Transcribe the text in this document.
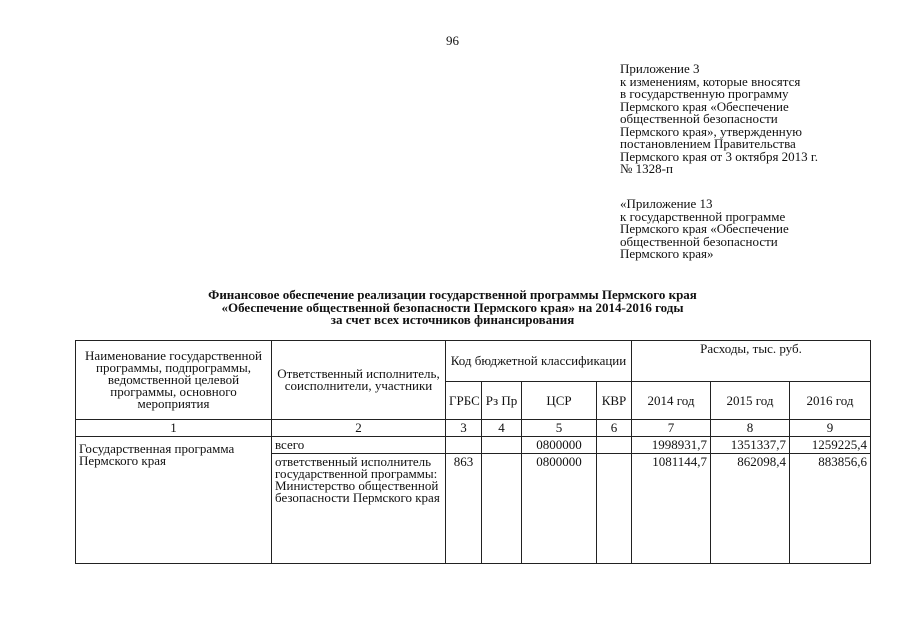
96
Приложение 3
к изменениям, которые вносятся
в государственную программу
Пермского края «Обеспечение
общественной безопасности
Пермского края», утвержденную
постановлением Правительства
Пермского края от 3 октября 2013 г.
№ 1328-п
«Приложение 13
к государственной программе
Пермского края «Обеспечение
общественной безопасности
Пермского края»
Финансовое обеспечение реализации государственной программы Пермского края
«Обеспечение общественной безопасности Пермского края» на 2014-2016 годы
за счет всех источников финансирования
Наименование государственной программы, подпрограммы, ведомственной целевой программы, основного мероприятия	Ответственный исполнитель, соисполнители, участники	Код бюджетной классификации				Расходы, тыс. руб.		
		ГРБС	Рз Пр	ЦСР	КВР	2014 год	2015 год	2016 год
1	2	3	4	5	6	7	8	9
Государственная программа Пермского края	всего			0800000		1998931,7	1351337,7	1259225,4
	ответственный исполнитель государственной программы: Министерство общественной безопасности Пермского края	863		0800000		1081144,7	862098,4	883856,6
